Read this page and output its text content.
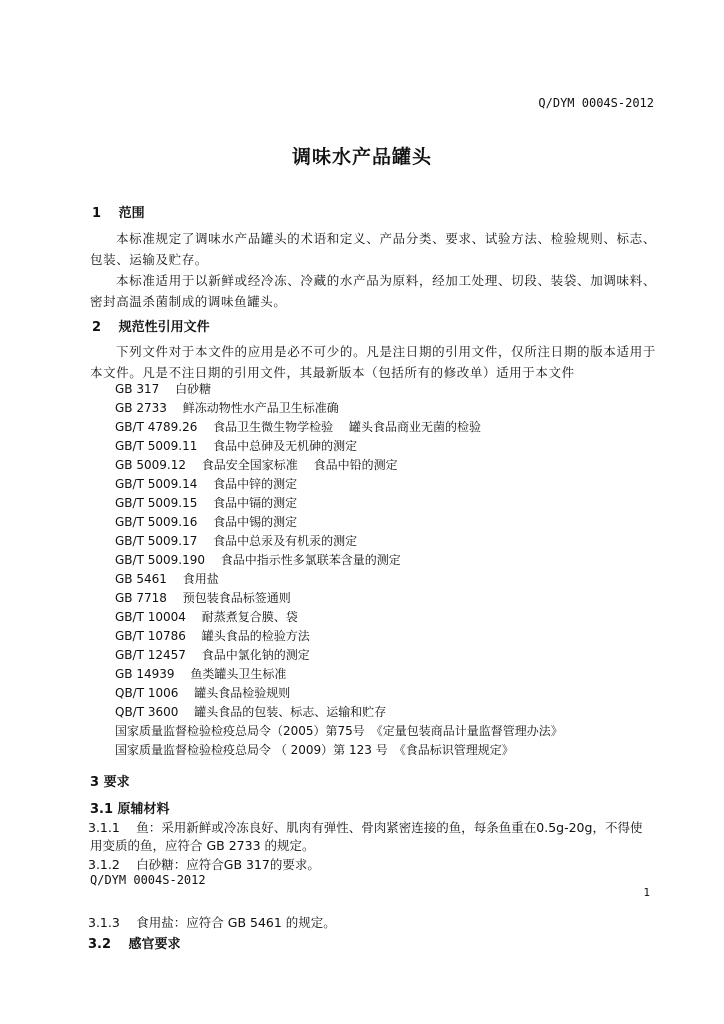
Q/DYM 0004S-2012
调味水产品罐头
1　 范围
本标准规定了调味水产品罐头的术语和定义、产品分类、要求、试验方法、检验规则、标志、包装、运输及贮存。
本标准适用于以新鲜或经冷冻、冷藏的水产品为原料，经加工处理、切段、装袋、加调味料、密封高温杀菌制成的调味鱼罐头。
2　 规范性引用文件
下列文件对于本文件的应用是必不可少的。凡是注日期的引用文件，仅所注日期的版本适用于本文件。凡是不注日期的引用文件，其最新版本（包括所有的修改单）适用于本文件
GB 317　 白砂糖
GB 2733　 鲜冻动物性水产品卫生标准确
GB/T 4789.26　 食品卫生微生物学检验　 罐头食品商业无菌的检验
GB/T 5009.11　 食品中总砷及无机砷的测定
GB 5009.12　 食品安全国家标准　 食品中铅的测定
GB/T 5009.14　 食品中锌的测定
GB/T 5009.15　 食品中镉的测定
GB/T 5009.16　 食品中锡的测定
GB/T 5009.17　 食品中总汞及有机汞的测定
GB/T 5009.190　 食品中指示性多氯联苯含量的测定
GB 5461　 食用盐
GB 7718　 预包装食品标签通则
GB/T 10004　 耐蒸煮复合膜、袋
GB/T 10786　 罐头食品的检验方法
GB/T 12457　 食品中氯化钠的测定
GB 14939　 鱼类罐头卫生标准
QB/T 1006　 罐头食品检验规则
QB/T 3600　 罐头食品的包装、标志、运输和贮存
国家质量监督检验检疫总局令（2005）第75号　《定量包装商品计量监督管理办法》
国家质量监督检验检疫总局令 （ 2009）第 123 号　《食品标识管理规定》
3 要求
3.1 原辅材料
3.1.1　 鱼：采用新鲜或冷冻良好、肌肉有弹性、骨肉紧密连接的鱼，每条鱼重在0.5g-20g，不得使
用变质的鱼，应符合 GB 2733 的规定。
3.1.2　 白砂糖：应符合GB 317的要求。
Q/DYM 0004S-2012
1
3.1.3　 食用盐：应符合 GB 5461 的规定。
3.2　 感官要求
